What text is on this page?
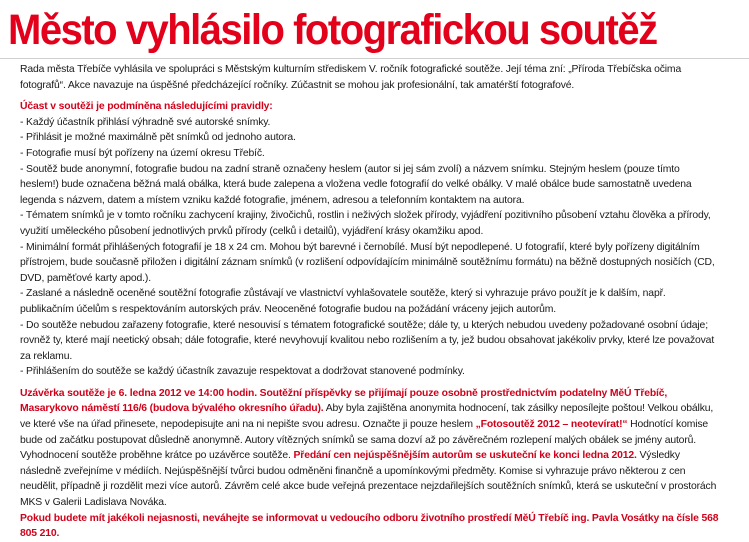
Město vyhlásilo fotografickou soutěž

Rada města Třebíče vyhlásila ve spolupráci s Městským kulturním střediskem V. ročník fotografické soutěže. Její téma zní: „Příroda Třebíčska očima fotografů“. Akce navazuje na úspěšné předcházející ročníky. Zúčastnit se mohou jak profesionální, tak amatérští fotografové.

Účast v soutěži je podmíněna následujícími pravidly:

- Každý účastník přihlásí výhradně své autorské snímky.

- Přihlásit je možné maximálně pět snímků od jednoho autora.

- Fotografie musí být pořízeny na území okresu Třebíč.

- Soutěž bude anonymní, fotografie budou na zadní straně označeny heslem (autor si jej sám zvolí) a názvem snímku. Stejným heslem (pouze tímto heslem!) bude označena běžná malá obálka, která bude zalepena a vložena vedle fotografií do velké obálky. V malé obálce bude samostatně uvedena legenda s názvem, datem a místem vzniku každé fotografie, jménem, adresou a telefonním kontaktem na autora.

- Tématem snímků je v tomto ročníku zachycení krajiny, živočichů, rostlin i neživých složek přírody, vyjádření pozitivního působení vztahu člověka a přírody, využití uměleckého působení jednotlivých prvků přírody (celků i detailů), vyjádření krásy okamžiku apod.

- Minimální formát přihlášených fotografií je 18 x 24 cm. Mohou být barevné i černobílé. Musí být nepodlepené. U fotografií, které byly pořízeny digitálním přístrojem, bude současně přiložen i digitální záznam snímků (v rozlišení odpovídajícím minimálně soutěžnímu formátu) na běžně dostupných nosičích (CD, DVD, paměťové karty apod.).

- Zaslané a následně oceněné soutěžní fotografie zůstávají ve vlastnictví vyhlašovatele soutěže, který si vyhrazuje právo použít je k dalším, např. publikačním účelům s respektováním autorských práv. Neoceněné fotografie budou na požádání vráceny jejich autorům.

- Do soutěže nebudou zařazeny fotografie, které nesouvisí s tématem fotografické soutěže; dále ty, u kterých nebudou uvedeny požadované osobní údaje; rovněž ty, které mají neetický obsah; dále fotografie, které nevyhovují kvalitou nebo rozlišením a ty, jež budou obsahovat jakékoliv prvky, které lze považovat za reklamu.

- Přihlášením do soutěže se každý účastník zavazuje respektovat a dodržovat stanovené podmínky.

Uzávěrka soutěže je 6. ledna 2012 ve 14:00 hodin. Soutěžní příspěvky se přijímají pouze osobně prostřednictvím podatelny MěÚ Třebíč, Masarykovo náměstí 116/6 (budova bývalého okresního úřadu). Aby byla zajištěna anonymita hodnocení, tak zásilky neposílejte poštou! Velkou obálku, ve které vše na úřad přinesete, nepodepisujte ani na ni nepište svou adresu. Označte ji pouze heslem „Fotosoutěž 2012 – neotevírat!“ Hodnotící komise bude od začátku postupovat důsledně anonymně. Autory vítězných snímků se sama dozví až po závěrečném rozlepení malých obálek se jmény autorů.

Vyhodnocení soutěže proběhne krátce po uzávěrce soutěže. Předání cen nejúspěšnějším autorům se uskuteční ke konci ledna 2012. Výsledky následně zveřejníme v médiích. Nejúspěšnější tvůrci budou odměněni finančně a upomínkovými předměty. Komise si vyhrazuje právo některou z cen neudělit, případně ji rozdělit mezi více autorů. Závrěm celé akce bude veřejná prezentace nejzdařilejších soutěžních snímků, která se uskuteční v prostorách MKS v Galerii Ladislava Nováka.

Pokud budete mít jakékoli nejasnosti, neváhejte se informovat u vedoucího odboru životního prostředí MěÚ Třebíč ing. Pavla Vosátky na čísle 568 805 210.
